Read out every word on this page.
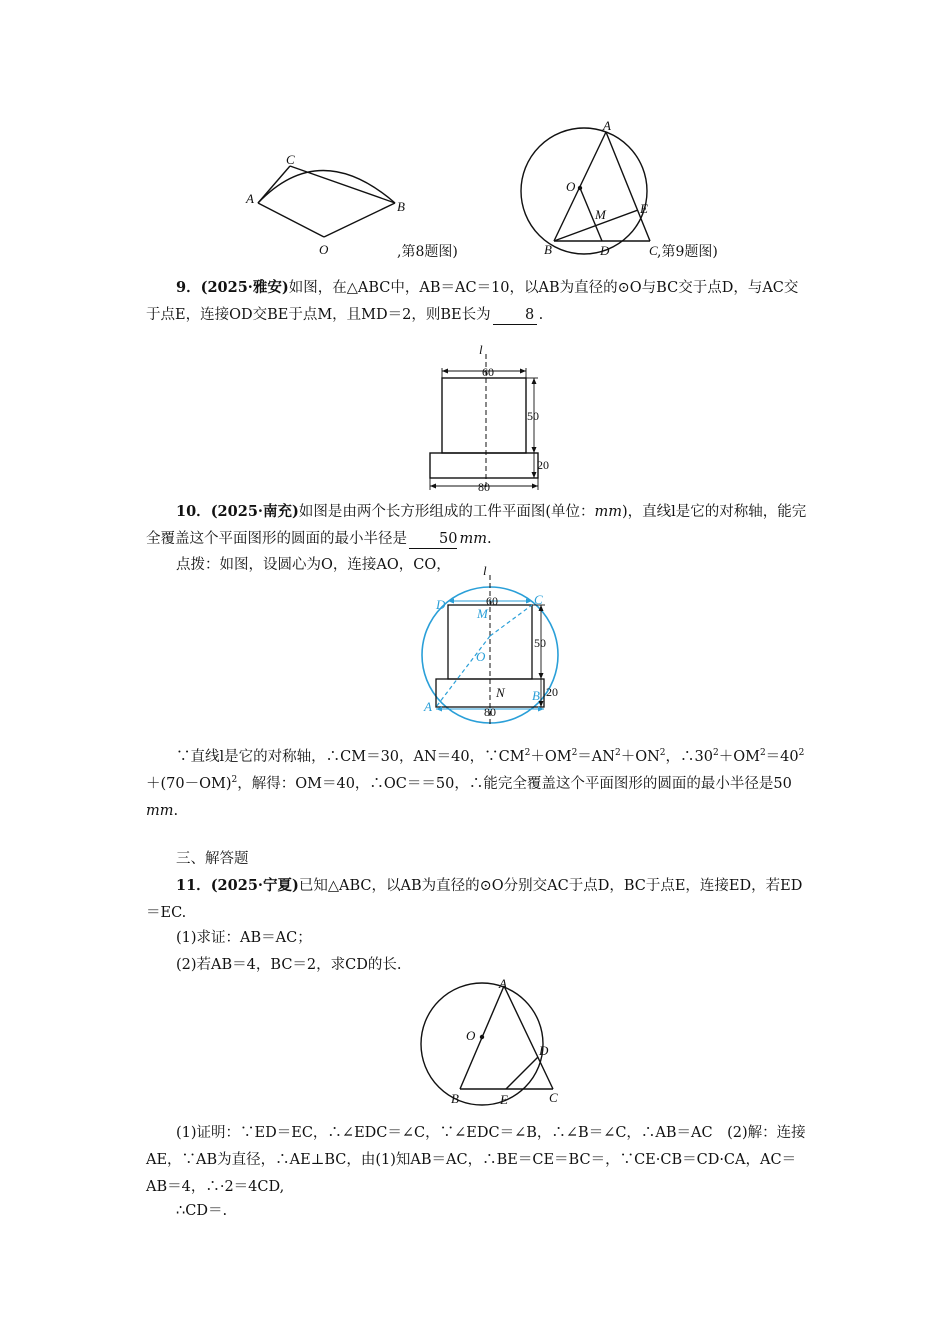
A
C
B
O	,第8题图)
A
O
M	E
B	D	C ,第9题图)
9．(2025·雅安)如图，在△ABC中，AB＝AC＝10，以AB为直径的⊙O与BC交于点D，与AC交于点E，连接OD交BE于点M，且MD＝2，则BE长为 8 .
l
60
50
20
80
10．(2025·南充)如图是由两个长方形组成的工件平面图(单位：mm)，直线l是它的对称轴，能完全覆盖这个平面图形的圆面的最小半径是 50 mm.
点拨：如图，设圆心为O，连接AO，CO，	l
D	C
M
O
N B
A
60
50
20
80
∵直线l是它的对称轴，∴CM＝30，AN＝40，$\because CM^2+OM^2=AN^2+ON^2$，$\therefore 30^2+OM^2=40^2+(70-OM)^2$，解得：OM＝40，∴OC＝＝50，∴能完全覆盖这个平面图形的圆面的最小半径是50 mm.
三、解答题
11．(2025·宁夏)已知△ABC，以AB为直径的⊙O分别交AC于点D，BC于点E，连接ED，若ED＝EC.
(1)求证：AB＝AC；
(2)若AB＝4，BC＝2，求CD的长.
A
O
D
B	E	C
(1)证明：∵ED＝EC，∴∠EDC＝∠C，∵∠EDC＝∠B，∴∠B＝∠C，∴AB＝AC　(2)解：连接AE，∵AB为直径，∴AE⊥BC，由(1)知AB＝AC，∴BE＝CE＝BC＝，∵CE·CB＝CD·CA，AC＝AB＝4，∴·2＝4CD,
∴CD＝.
